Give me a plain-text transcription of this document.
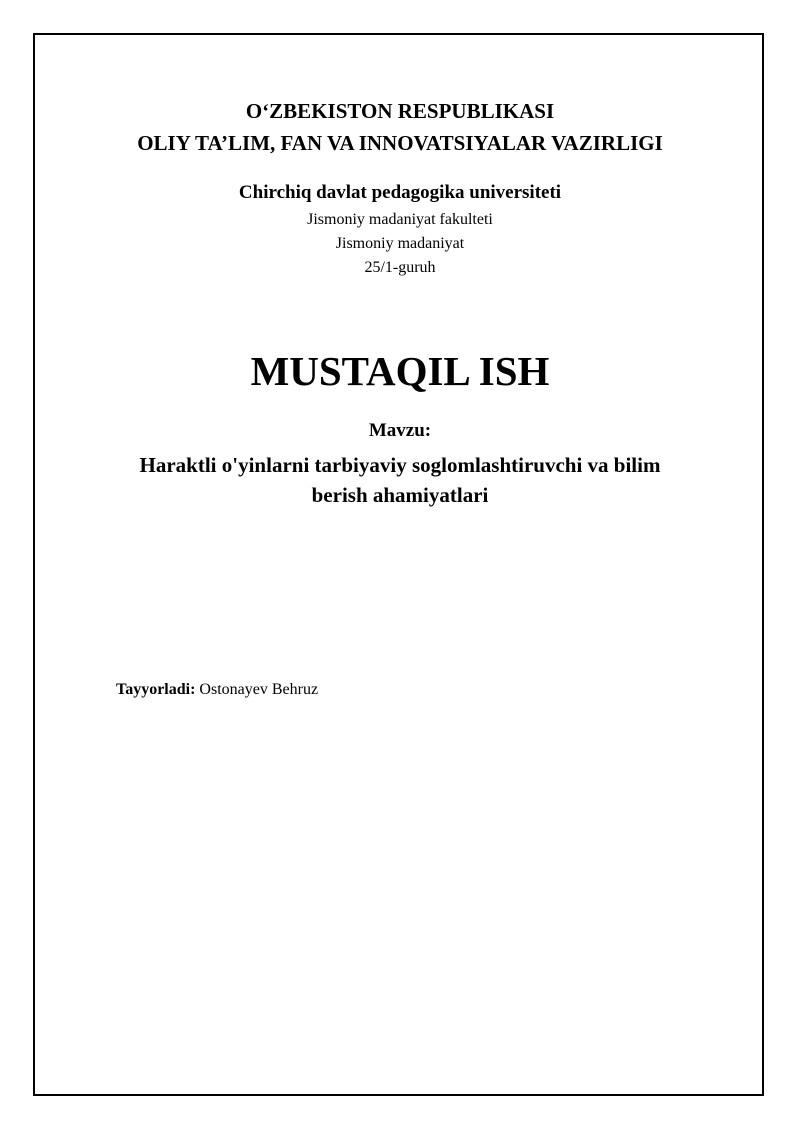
O‘ZBEKISTON RESPUBLIKASI
OLIY TA’LIM, FAN VA INNOVATSIYALAR VAZIRLIGI
Chirchiq davlat pedagogika universiteti
Jismoniy madaniyat fakulteti
Jismoniy madaniyat
25/1-guruh
MUSTAQIL ISH
Mavzu:
Haraktli o'yinlarni tarbiyaviy soglomlashtiruvchi va bilim
berish ahamiyatlari
Tayyorladi: Ostonayev Behruz
